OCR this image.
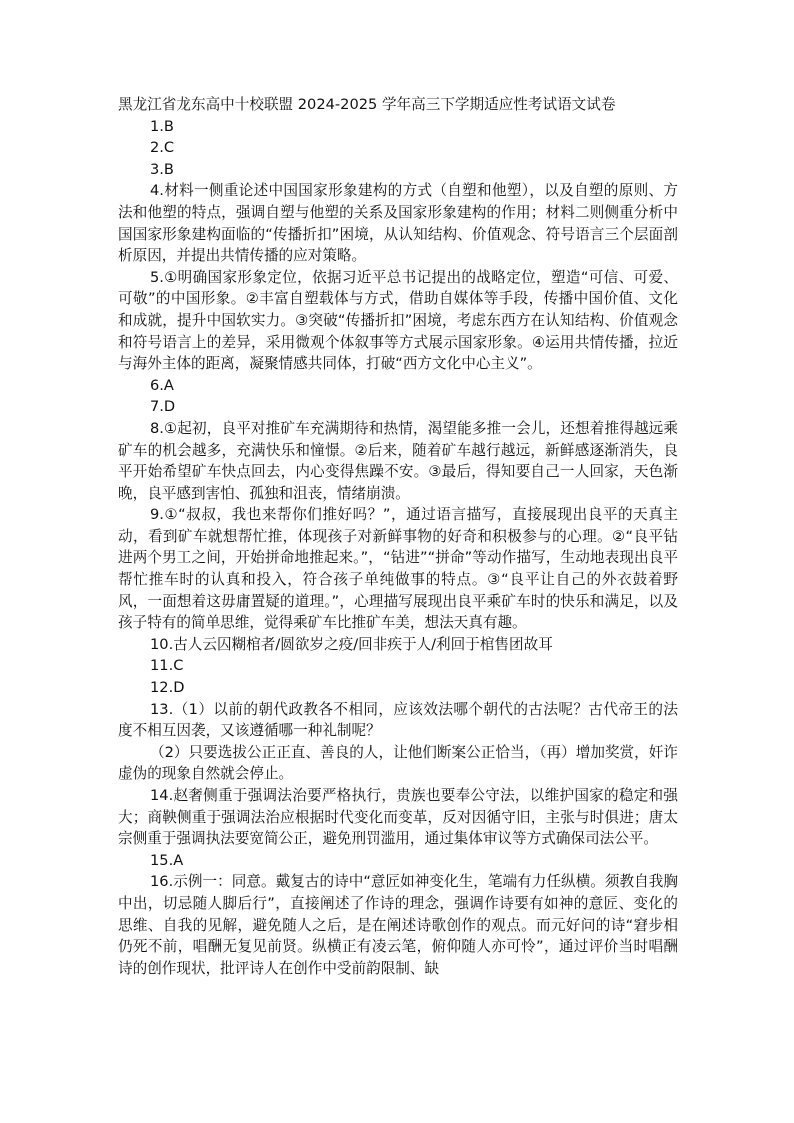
黑龙江省龙东高中十校联盟 2024-2025 学年高三下学期适应性考试语文试卷

1.B

2.C

3.B

4.材料一侧重论述中国国家形象建构的方式（自塑和他塑），以及自塑的原则、方法和他塑的特点，强调自塑与他塑的关系及国家形象建构的作用；材料二则侧重分析中国国家形象建构面临的“传播折扣”困境，从认知结构、价值观念、符号语言三个层面剖析原因，并提出共情传播的应对策略。

5.①明确国家形象定位，依据习近平总书记提出的战略定位，塑造“可信、可爱、可敬”的中国形象。②丰富自塑载体与方式，借助自媒体等手段，传播中国价值、文化和成就，提升中国软实力。③突破“传播折扣”困境，考虑东西方在认知结构、价值观念和符号语言上的差异，采用微观个体叙事等方式展示国家形象。④运用共情传播，拉近与海外主体的距离，凝聚情感共同体，打破“西方文化中心主义”。

6.A

7.D

8.①起初，良平对推矿车充满期待和热情，渴望能多推一会儿，还想着推得越远乘矿车的机会越多，充满快乐和憧憬。②后来，随着矿车越行越远，新鲜感逐渐消失，良平开始希望矿车快点回去，内心变得焦躁不安。③最后，得知要自己一人回家，天色渐晚，良平感到害怕、孤独和沮丧，情绪崩溃。

9.①“叔叔，我也来帮你们推好吗？”，通过语言描写，直接展现出良平的天真主动，看到矿车就想帮忙推，体现孩子对新鲜事物的好奇和积极参与的心理。②“良平钻进两个男工之间，开始拼命地推起来。”，“钻进”“拼命”等动作描写，生动地表现出良平帮忙推车时的认真和投入，符合孩子单纯做事的特点。③“良平让自己的外衣鼓着野风，一面想着这毋庸置疑的道理。”，心理描写展现出良平乘矿车时的快乐和满足，以及孩子特有的简单思维，觉得乘矿车比推矿车美，想法天真有趣。

10.古人云囚糊棺者/圆欲岁之疫/回非疾于人/利回于棺售团故耳

11.C

12.D

13.（1）以前的朝代政教各不相同，应该效法哪个朝代的古法呢？古代帝王的法度不相互因袭，又该遵循哪一种礼制呢？

（2）只要选拔公正正直、善良的人，让他们断案公正恰当，（再）增加奖赏，奸诈虚伪的现象自然就会停止。

14.赵奢侧重于强调法治要严格执行，贵族也要奉公守法，以维护国家的稳定和强大；商鞅侧重于强调法治应根据时代变化而变革，反对因循守旧，主张与时俱进；唐太宗侧重于强调执法要宽简公正，避免刑罚滥用，通过集体审议等方式确保司法公平。

15.A

16.示例一：同意。戴复古的诗中“意匠如神变化生，笔端有力任纵横。须教自我胸中出，切忌随人脚后行”，直接阐述了作诗的理念，强调作诗要有如神的意匠、变化的思维、自我的见解，避免随人之后，是在阐述诗歌创作的观点。而元好问的诗“窘步相仍死不前，唱酬无复见前贤。纵横正有凌云笔，俯仰随人亦可怜”，通过评价当时唱酬诗的创作现状，批评诗人在创作中受前韵限制、缺
